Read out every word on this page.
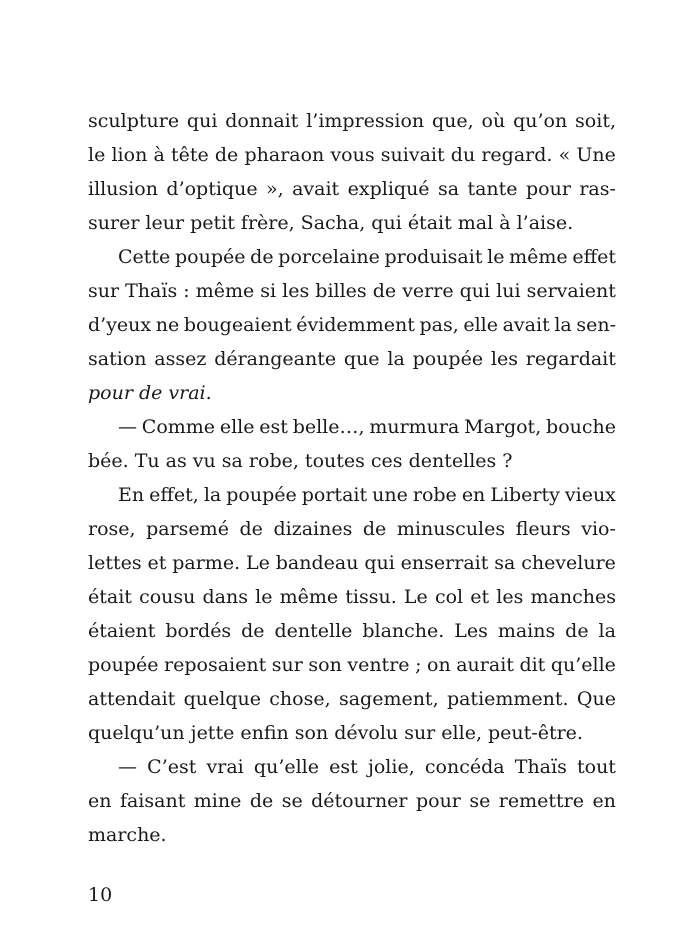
sculpture qui donnait l’impression que, où qu’on soit,
le lion à tête de pharaon vous suivait du regard. « Une
illusion d’optique », avait expliqué sa tante pour ras-
surer leur petit frère, Sacha, qui était mal à l’aise.
Cette poupée de porcelaine produisait le même effet
sur Thaïs : même si les billes de verre qui lui servaient
d’yeux ne bougeaient évidemment pas, elle avait la sen-
sation assez dérangeante que la poupée les regardait
pour de vrai .
— Comme elle est belle…, murmura Margot, bouche
bée. Tu as vu sa robe, toutes ces dentelles ?
En effet, la poupée portait une robe en Liberty vieux
rose, parsemé de dizaines de minuscules fleurs vio-
lettes et parme. Le bandeau qui enserrait sa chevelure
était cousu dans le même tissu. Le col et les manches
étaient bordés de dentelle blanche. Les mains de la
poupée reposaient sur son ventre ; on aurait dit qu’elle
attendait quelque chose, sagement, patiemment. Que
quelqu’un jette enfin son dévolu sur elle, peut-être.
— C’est vrai qu’elle est jolie, concéda Thaïs tout
en faisant mine de se détourner pour se remettre en
marche.
10
